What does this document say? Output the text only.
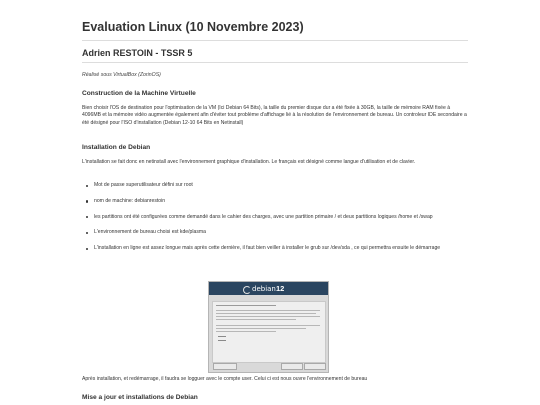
Evaluation Linux (10 Novembre 2023)
Adrien RESTOIN - TSSR 5

Réalisé sous VirtualBox (ZorinOS)

Construction de la Machine Virtuelle

Bien choisir l'OS de destination pour l'optimisation de la VM (Ici Debian 64 Bits), la taille du premier disque dur a été fixée à 30GB, la taille de mémoire RAM fixée à 4096MB et la mémoire vidéo augmentée également afin d'éviter tout problème d'affichage lié à la résolution de l'environnement de bureau. Un controleur IDE secondaire a été désigné pour l'ISO d'installation (Debian 12-10 64 Bits en Netinstall)

Installation de Debian

L'installation se fait donc en netinstall avec l'environnement graphique d'installation. Le français est désigné comme langue d'utilisation et de clavier.

Mot de passe superutilisateur défini sur root
nom de machine: debianrestoin
les partitions ont été configurées comme demandé dans le cahier des charges, avec une partition primaire / et deux partitions logiques /home et /swap
L'environnement de bureau choisi est kde/plasma
L'installation en ligne est assez longue mais après cette dernière, il faut bien veiller à installer le grub sur /dev/sda , ce qui permettra ensuite le démarrage
debian 12

Après installation, et redémarrage, il faudra se logguer avec le compte user. Celui ci est nous ouvre l'environnement de bureau

Mise a jour et installations de Debian
